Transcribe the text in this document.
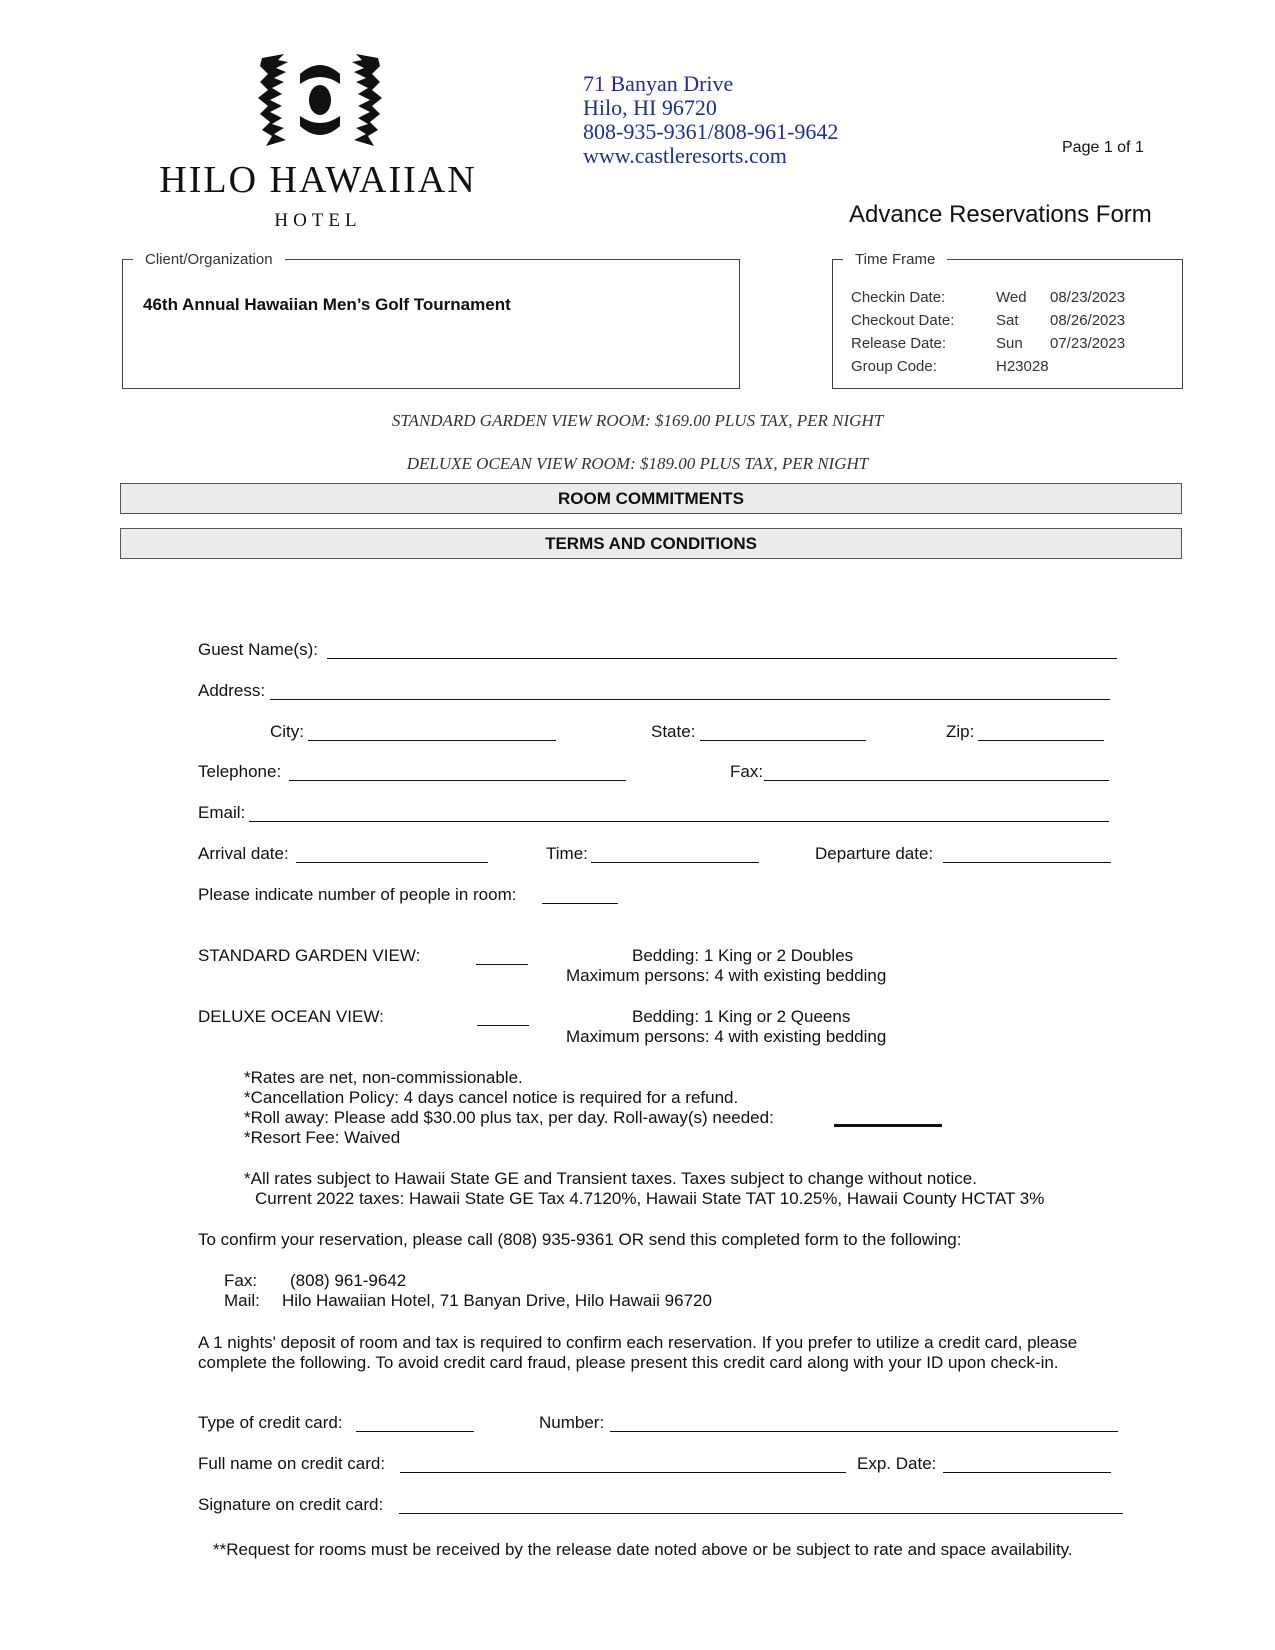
HILO HAWAIIAN
HOTEL
71 Banyan Drive
Hilo, HI 96720
808-935-9361/808-961-9642
www.castleresorts.com	Page 1 of 1
Advance Reservations Form
Client/Organization
46th Annual Hawaiian Men’s Golf Tournament
Time Frame
Checkin Date:	Wed 08/23/2023
Checkout Date:	Sat 08/26/2023
Release Date:	Sun 07/23/2023
Group Code:	H23028
STANDARD GARDEN VIEW ROOM: $169.00 PLUS TAX, PER NIGHT
DELUXE OCEAN VIEW ROOM: $189.00 PLUS TAX, PER NIGHT
ROOM COMMITMENTS
TERMS AND CONDITIONS
Guest Name(s):
Address:
City:	State:	Zip:
Telephone:	Fax:
Email:
Arrival date:	Time:	Departure date:
Please indicate number of people in room:
STANDARD GARDEN VIEW:	Bedding: 1 King or 2 Doubles
Maximum persons: 4 with existing bedding
DELUXE OCEAN VIEW:	Bedding: 1 King or 2 Queens
Maximum persons: 4 with existing bedding
*Rates are net, non-commissionable.
*Cancellation Policy: 4 days cancel notice is required for a refund.
*Roll away: Please add $30.00 plus tax, per day. Roll-away(s) needed:
*Resort Fee: Waived
*All rates subject to Hawaii State GE and Transient taxes. Taxes subject to change without notice.
Current 2022 taxes: Hawaii State GE Tax 4.7120%, Hawaii State TAT 10.25%, Hawaii County HCTAT 3%
To confirm your reservation, please call (808) 935-9361 OR send this completed form to the following:
Fax: (808) 961-9642
Mail: Hilo Hawaiian Hotel, 71 Banyan Drive, Hilo Hawaii 96720
A 1 nights' deposit of room and tax is required to confirm each reservation. If you prefer to utilize a credit card, please
complete the following. To avoid credit card fraud, please present this credit card along with your ID upon check-in.
Type of credit card:	Number:
Full name on credit card:	Exp. Date:
Signature on credit card:
**Request for rooms must be received by the release date noted above or be subject to rate and space availability.
